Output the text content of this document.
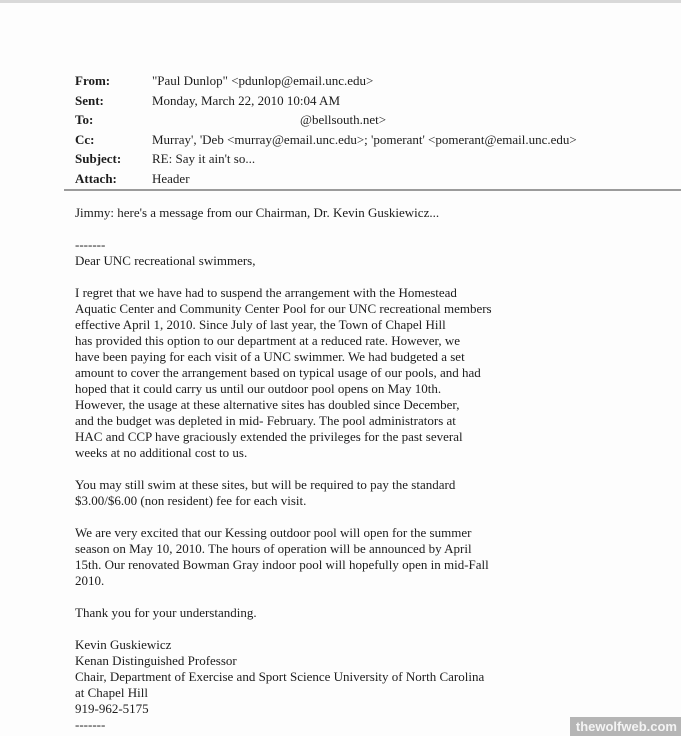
From:	"Paul Dunlop" <pdunlop@email.unc.edu>
Sent:	Monday, March 22, 2010 10:04 AM
To:	@bellsouth.net>
Cc:	Murray', 'Deb <murray@email.unc.edu>; 'pomerant' <pomerant@email.unc.edu>
Subject:	RE: Say it ain't so...
Attach:	Header
Jimmy: here's a message from our Chairman, Dr. Kevin Guskiewicz...
-------
Dear UNC recreational swimmers,
I regret that we have had to suspend the arrangement with the Homestead
Aquatic Center and Community Center Pool for our UNC recreational members
effective April 1, 2010. Since July of last year, the Town of Chapel Hill
has provided this option to our department at a reduced rate. However, we
have been paying for each visit of a UNC swimmer. We had budgeted a set
amount to cover the arrangement based on typical usage of our pools, and had
hoped that it could carry us until our outdoor pool opens on May 10th.
However, the usage at these alternative sites has doubled since December,
and the budget was depleted in mid- February. The pool administrators at
HAC and CCP have graciously extended the privileges for the past several
weeks at no additional cost to us.
You may still swim at these sites, but will be required to pay the standard
$3.00/$6.00 (non resident) fee for each visit.
We are very excited that our Kessing outdoor pool will open for the summer
season on May 10, 2010. The hours of operation will be announced by April
15th. Our renovated Bowman Gray indoor pool will hopefully open in mid-Fall
2010.
Thank you for your understanding.
Kevin Guskiewicz
Kenan Distinguished Professor
Chair, Department of Exercise and Sport Science University of North Carolina
at Chapel Hill
919-962-5175
-------	thewolfweb.com
